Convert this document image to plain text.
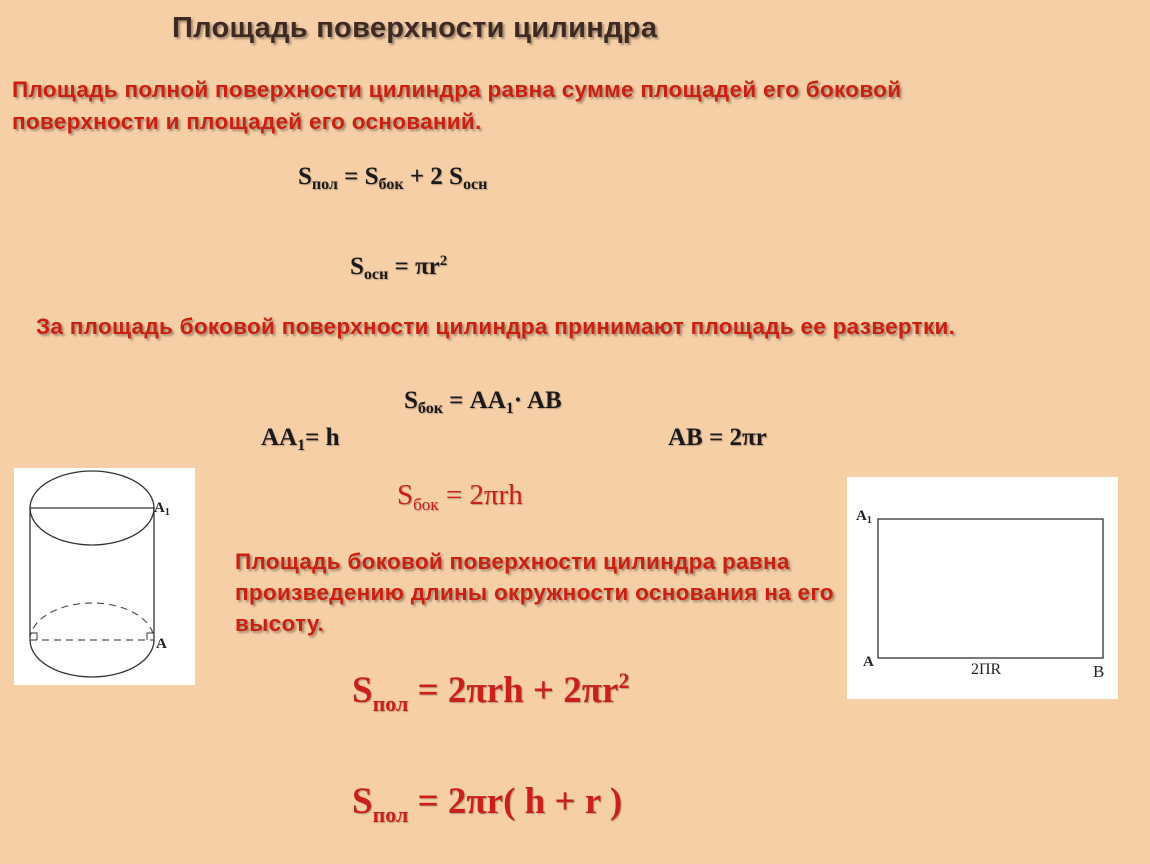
Площадь поверхности цилиндра
Площадь полной поверхности цилиндра равна сумме площадей его боковой поверхности и площадей его оснований.
$S_{пол} = S_{бок} + 2$ $S_{осн}$
$S_{осн} = \pi r^2$
За площадь боковой поверхности цилиндра принимают площадь ее развертки.
$S_{бок} = AA_1\cdot$ AB
$AA_1= h$	AB = 2πr
$S_{бок} = 2\pi rh$
Площадь боковой поверхности цилиндра равна произведению длины окружности основания на его высоту.
$S_{пол} = 2\pi rh + 2\pi r^2$
$S_{пол} = 2\pi r$( h + r )
$A_1$
A
$A_1$
A	2ПR	B
